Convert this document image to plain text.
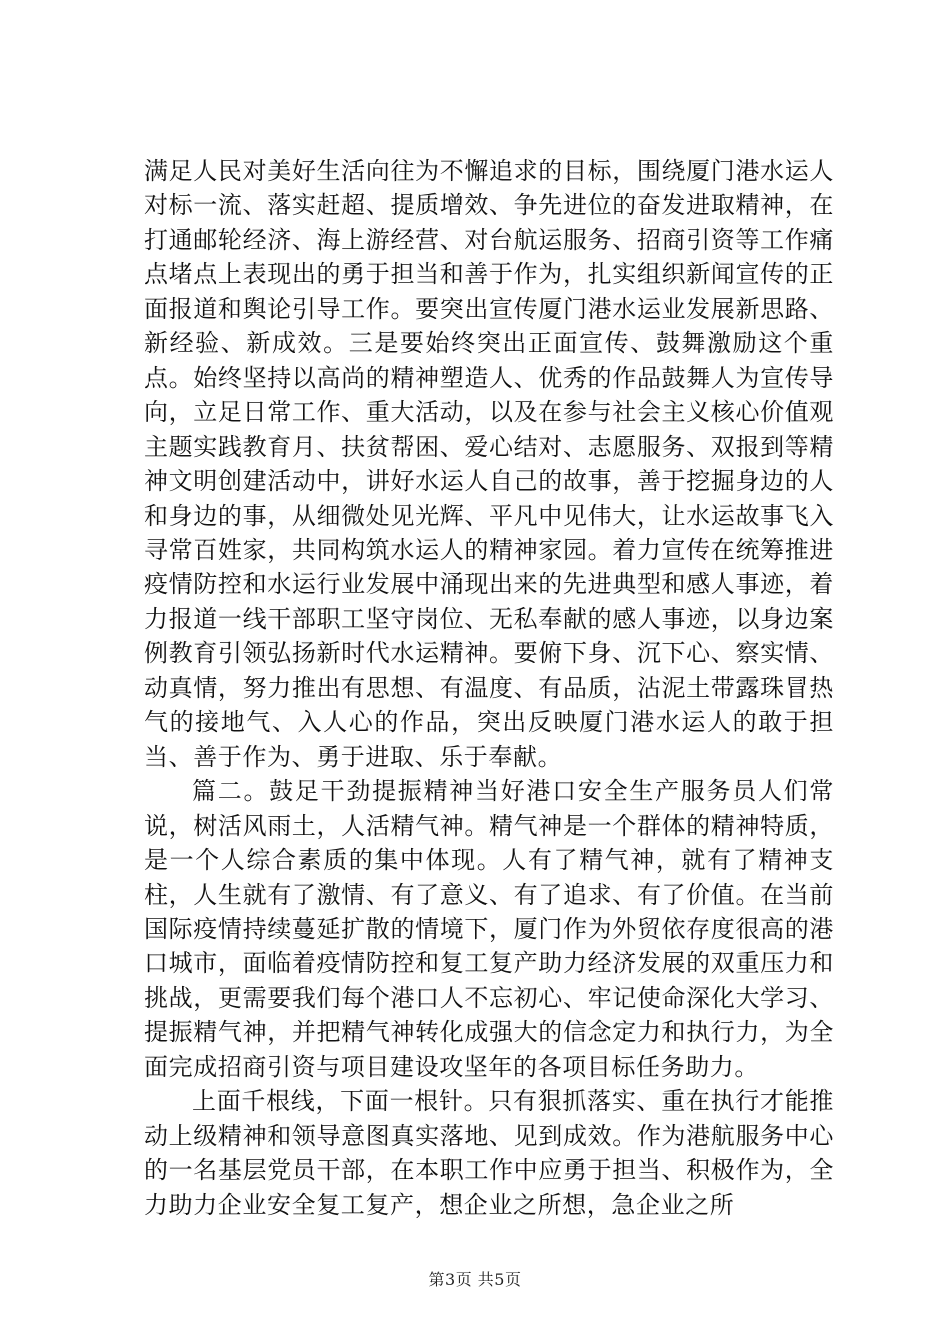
满足人民对美好生活向往为不懈追求的目标，围绕厦门港水运人对标一流、落实赶超、提质增效、争先进位的奋发进取精神，在打通邮轮经济、海上游经营、对台航运服务、招商引资等工作痛点堵点上表现出的勇于担当和善于作为，扎实组织新闻宣传的正面报道和舆论引导工作。要突出宣传厦门港水运业发展新思路、新经验、新成效。三是要始终突出正面宣传、鼓舞激励这个重点。始终坚持以高尚的精神塑造人、优秀的作品鼓舞人为宣传导向，立足日常工作、重大活动，以及在参与社会主义核心价值观主题实践教育月、扶贫帮困、爱心结对、志愿服务、双报到等精神文明创建活动中，讲好水运人自己的故事，善于挖掘身边的人和身边的事，从细微处见光辉、平凡中见伟大，让水运故事飞入寻常百姓家，共同构筑水运人的精神家园。着力宣传在统筹推进疫情防控和水运行业发展中涌现出来的先进典型和感人事迹，着力报道一线干部职工坚守岗位、无私奉献的感人事迹，以身边案例教育引领弘扬新时代水运精神。要俯下身、沉下心、察实情、动真情，努力推出有思想、有温度、有品质，沾泥土带露珠冒热气的接地气、入人心的作品，突出反映厦门港水运人的敢于担当、善于作为、勇于进取、乐于奉献。

篇二。鼓足干劲提振精神当好港口安全生产服务员人们常说，树活风雨土，人活精气神。精气神是一个群体的精神特质，是一个人综合素质的集中体现。人有了精气神，就有了精神支柱，人生就有了激情、有了意义、有了追求、有了价值。在当前国际疫情持续蔓延扩散的情境下，厦门作为外贸依存度很高的港口城市，面临着疫情防控和复工复产助力经济发展的双重压力和挑战，更需要我们每个港口人不忘初心、牢记使命深化大学习、提振精气神，并把精气神转化成强大的信念定力和执行力，为全面完成招商引资与项目建设攻坚年的各项目标任务助力。

上面千根线，下面一根针。只有狠抓落实、重在执行才能推动上级精神和领导意图真实落地、见到成效。作为港航服务中心的一名基层党员干部，在本职工作中应勇于担当、积极作为，全力助力企业安全复工复产，想企业之所想，急企业之所

第3页 共5页
